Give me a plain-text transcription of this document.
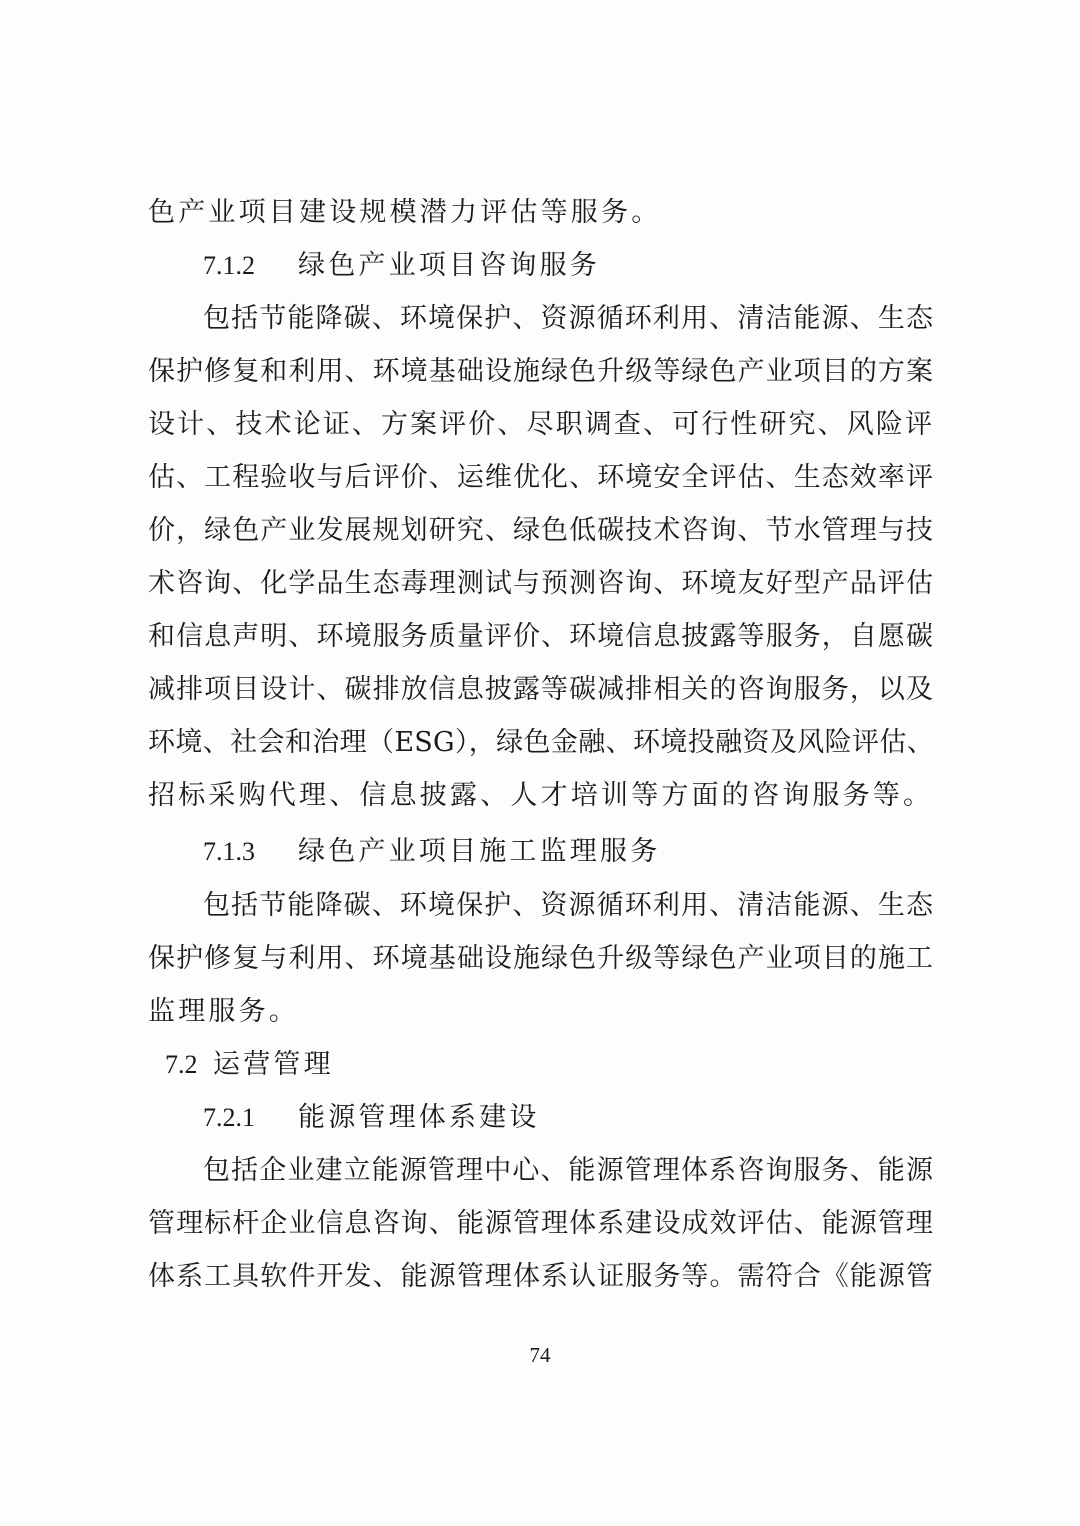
色产业项目建设规模潜力评估等服务。
7.1.2 绿色产业项目咨询服务
包括节能降碳、环境保护、资源循环利用、清洁能源、生态
保护修复和利用、环境基础设施绿色升级等绿色产业项目的方案
设计、技术论证、方案评价、尽职调查、可行性研究、风险评
估、工程验收与后评价、运维优化、环境安全评估、生态效率评
价，绿色产业发展规划研究、绿色低碳技术咨询、节水管理与技
术咨询、化学品生态毒理测试与预测咨询、环境友好型产品评估
和信息声明、环境服务质量评价、环境信息披露等服务，自愿碳
减排项目设计、碳排放信息披露等碳减排相关的咨询服务，以及
环境、社会和治理（ESG），绿色金融、环境投融资及风险评估、
招标采购代理、信息披露、人才培训等方面的咨询服务等。
7.1.3 绿色产业项目施工监理服务
包括节能降碳、环境保护、资源循环利用、清洁能源、生态
保护修复与利用、环境基础设施绿色升级等绿色产业项目的施工
监理服务。
7.2 运营管理
7.2.1 能源管理体系建设
包括企业建立能源管理中心、能源管理体系咨询服务、能源
管理标杆企业信息咨询、能源管理体系建设成效评估、能源管理
体系工具软件开发、能源管理体系认证服务等。需符合《能源管
74
